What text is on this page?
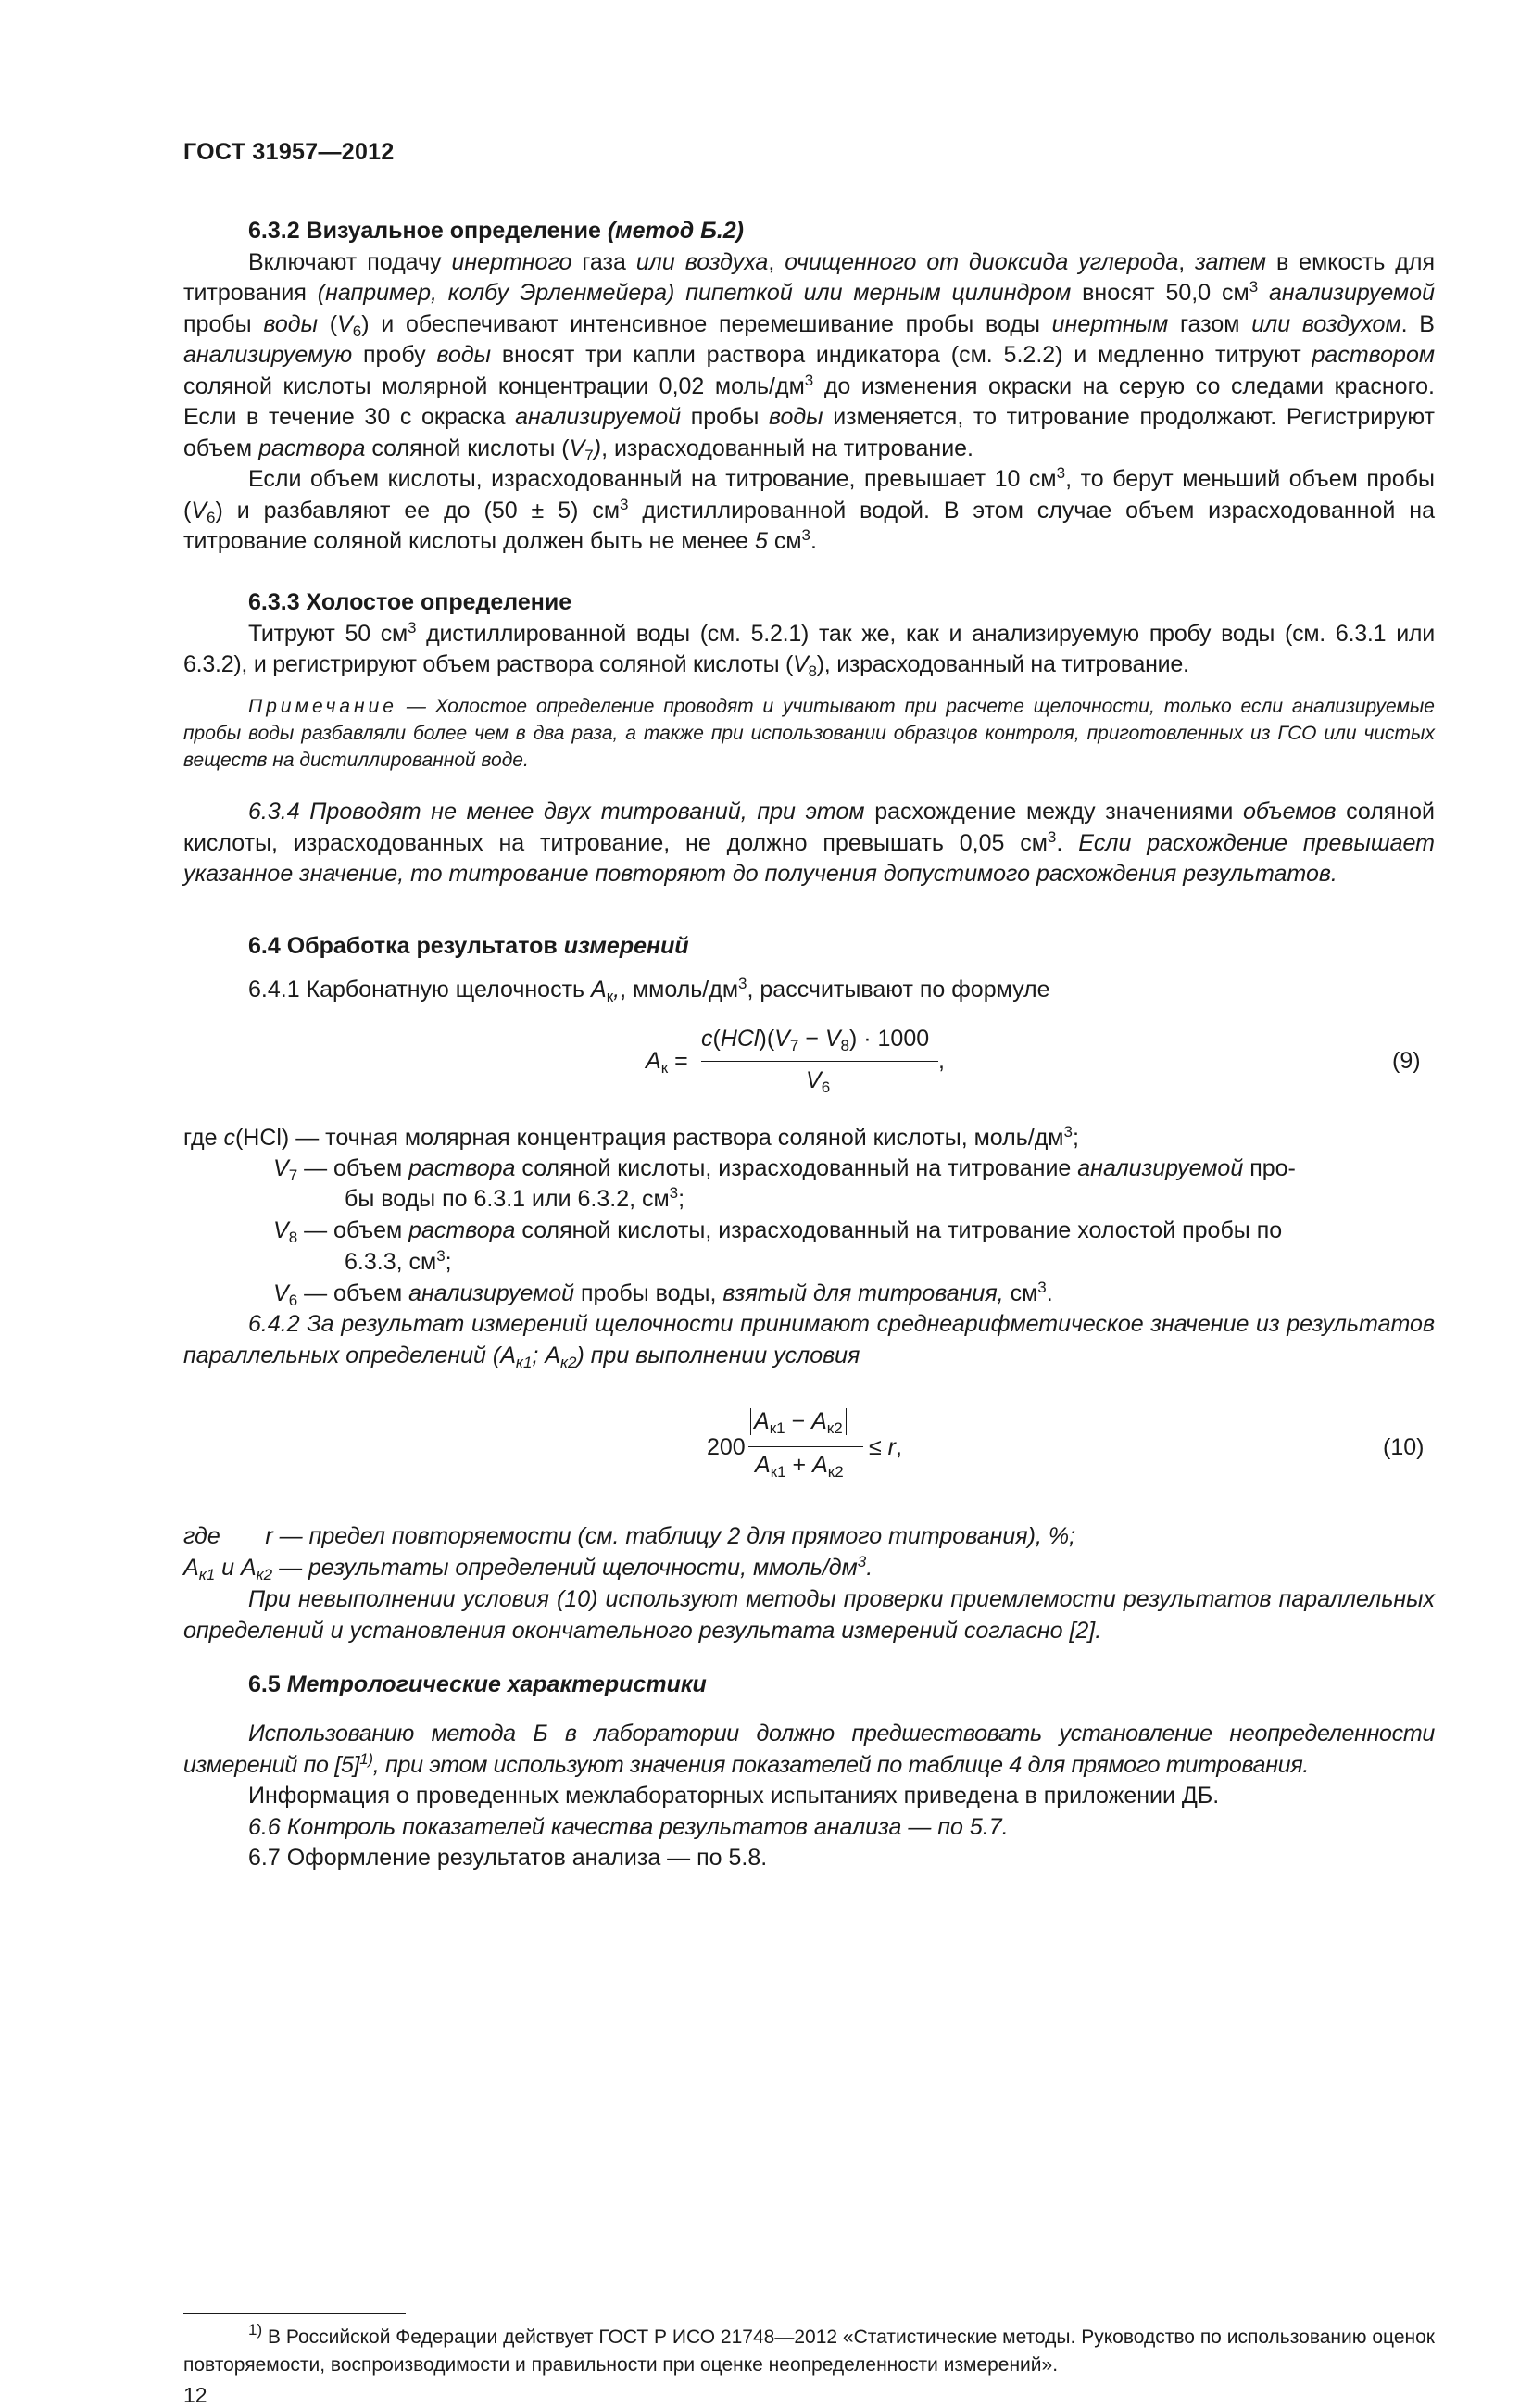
ГОСТ 31957—2012
6.3.2 Визуальное определение (метод Б.2)
Включают подачу инертного газа или воздуха, очищенного от диоксида углерода, затем в емкость для титрования (например, колбу Эрленмейера) пипеткой или мерным цилиндром вносят 50,0 $см^3$ анализируемой пробы воды $(V_6)$ и обеспечивают интенсивное перемешивание пробы воды инертным газом или воздухом. В анализируемую пробу воды вносят три капли раствора индикатора (см. 5.2.2) и медленно титруют раствором соляной кислоты молярной концентрации 0,02 моль/$дм^3$ до изменения окраски на серую со следами красного. Если в течение 30 с окраска анализируемой пробы воды изменяется, то титрование продолжают. Регистрируют объем раствора соляной кислоты $(V_7)$, израсходованный на титрование.
Если объем кислоты, израсходованный на титрование, превышает 10 $см^3$, то берут меньший объем пробы $(V_6)$ и разбавляют ее до (50 ± 5) $см^3$ дистиллированной водой. В этом случае объем израсходованной на титрование соляной кислоты должен быть не менее 5 $см^3$.
6.3.3 Холостое определение
Титруют 50 $см^3$ дистиллированной воды (см. 5.2.1) так же, как и анализируемую пробу воды (см. 6.3.1 или 6.3.2), и регистрируют объем раствора соляной кислоты $(V_8)$, израсходованный на титрование.
Примечание — Холостое определение проводят и учитывают при расчете щелочности, только если анализируемые пробы воды разбавляли более чем в два раза, а также при использовании образцов контроля, приготовленных из ГСО или чистых веществ на дистиллированной воде.
6.3.4 Проводят не менее двух титрований, при этом расхождение между значениями объемов соляной кислоты, израсходованных на титрование, не должно превышать 0,05 $см^3$. Если расхождение превышает указанное значение, то титрование повторяют до получения допустимого расхождения результатов.
6.4 Обработка результатов измерений
6.4.1 Карбонатную щелочность $A_к$,, ммоль/$дм^3$, рассчитывают по формуле
$A_к$ =
$c(HCl)(V_7 - V_8) \cdot 1000$
$V_6$
,	(9)
где c(HCl) — точная молярная концентрация раствора соляной кислоты, моль/$дм^3$;
$V_7$ — объем раствора соляной кислоты, израсходованный на титрование анализируемой про-
бы воды по 6.3.1 или 6.3.2, $см^3$;
$V_8$ — объем раствора соляной кислоты, израсходованный на титрование холостой пробы по
6.3.3, $см^3$;
$V_6$ — объем анализируемой пробы воды, взятый для титрования, $см^3$.
6.4.2 За результат измерений щелочности принимают среднеарифметическое значение из результатов параллельных определений ($A_{к1}$; $A_{к2}$) при выполнении условия
200
$A_{к1} - A_{к2}$
$A_{к1} + A_{к2}$
≤ r,	(10)
где       r — предел повторяемости (см. таблицу 2 для прямого титрования), %;
$A_{к1}$ и $A_{к2}$ — результаты определений щелочности, ммоль/$дм^3$.
При невыполнении условия (10) используют методы проверки приемлемости результатов параллельных определений и установления окончательного результата измерений согласно [2].
6.5 Метрологические характеристики
Использованию метода Б в лаборатории должно предшествовать установление неопределенности измерений по $[5]^{1)}$, при этом используют значения показателей по таблице 4 для прямого титрования.
Информация о проведенных межлабораторных испытаниях приведена в приложении ДБ.
6.6 Контроль показателей качества результатов анализа — по 5.7.
6.7 Оформление результатов анализа — по 5.8.
$^{1)}$ В Российской Федерации действует ГОСТ Р ИСО 21748—2012 «Статистические методы. Руководство по использованию оценок повторяемости, воспроизводимости и правильности при оценке неопределенности измерений».
12
